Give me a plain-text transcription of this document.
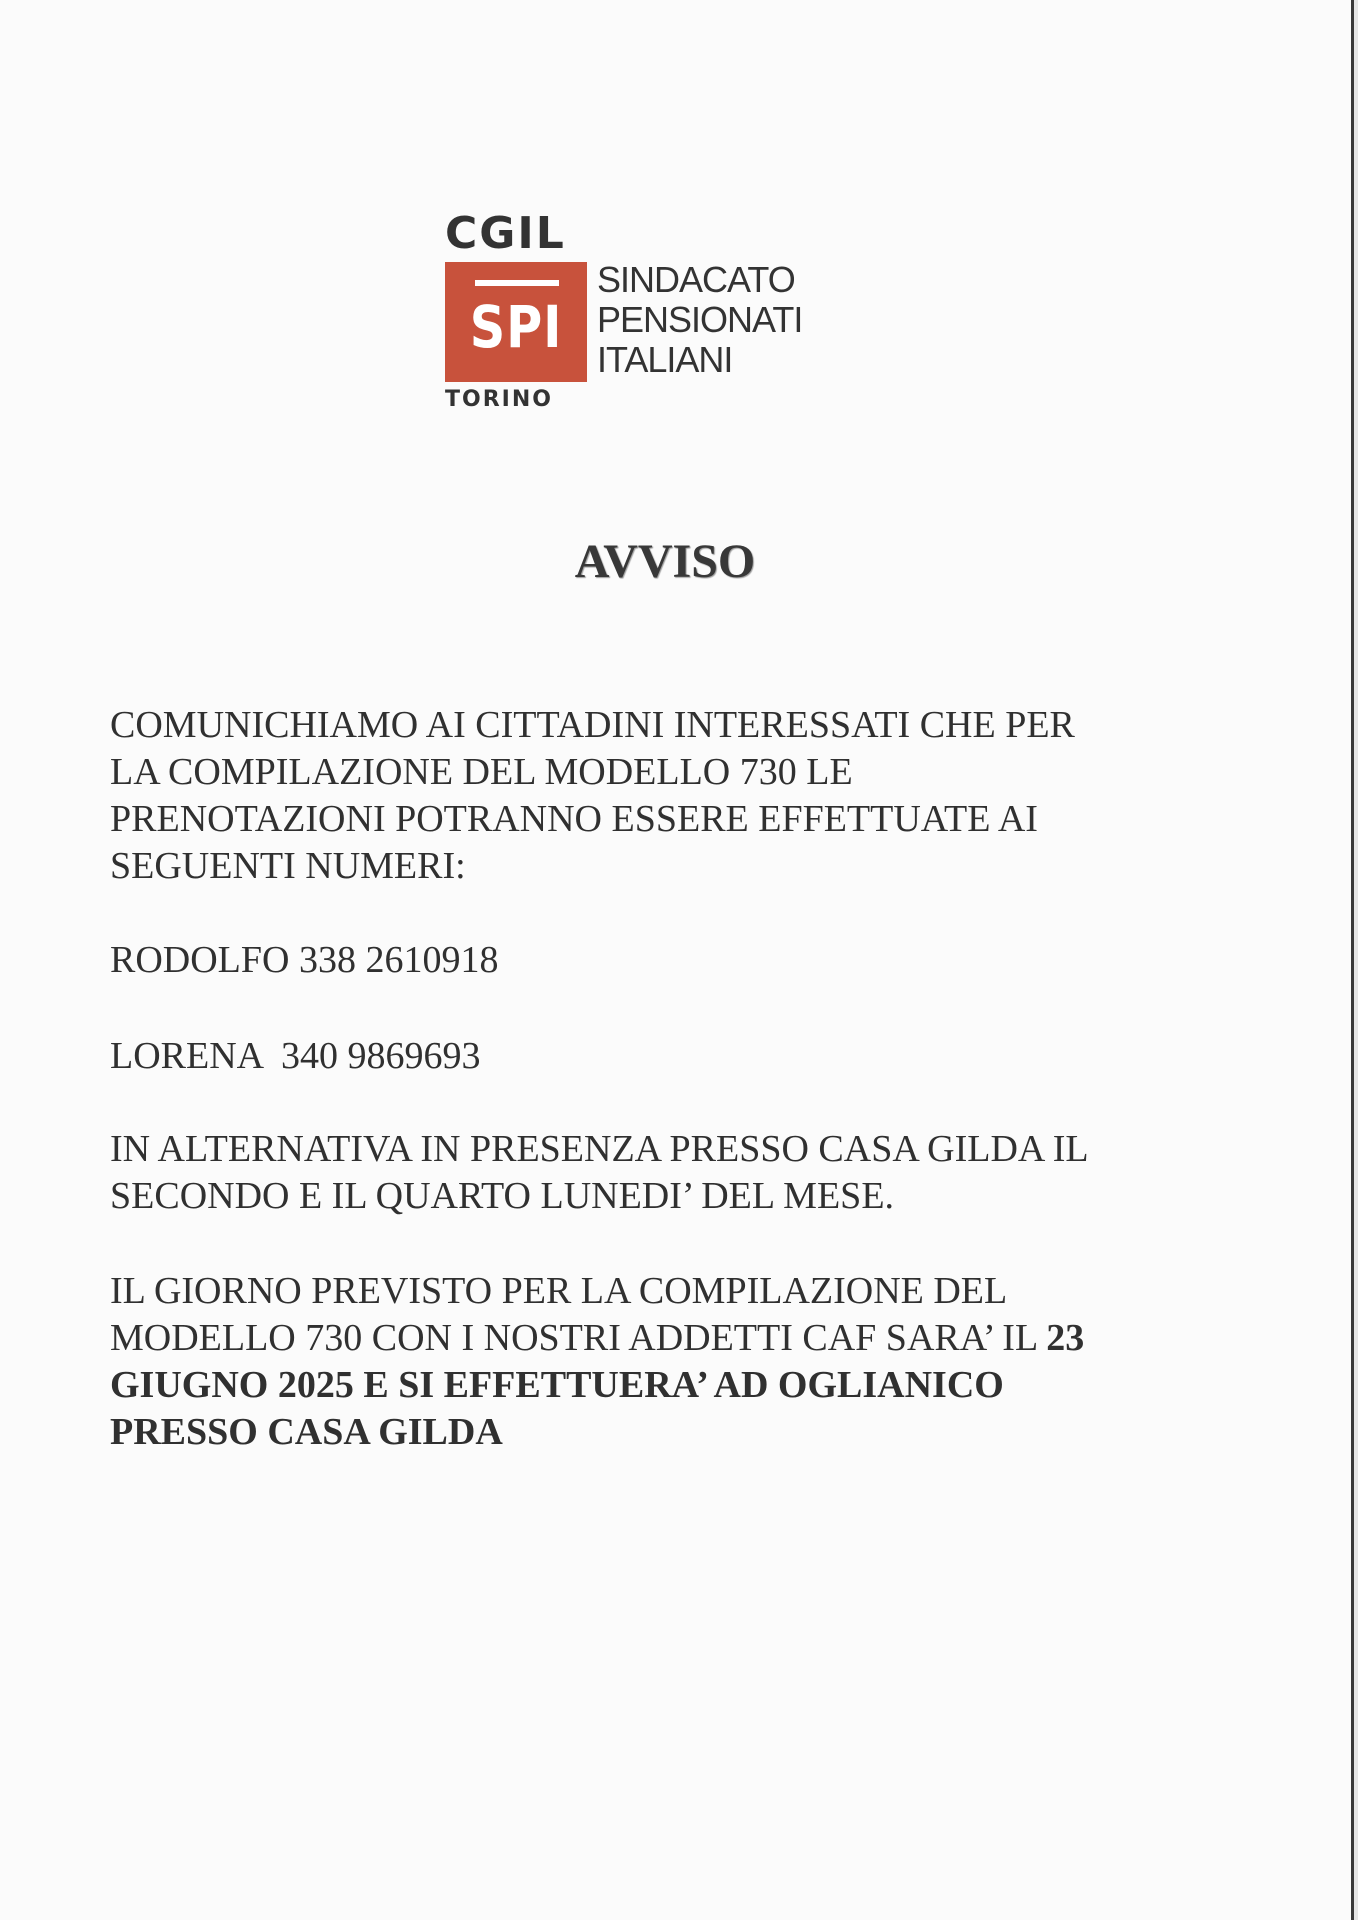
CGIL
SPI
TORINO
SINDACATO
PENSIONATI
ITALIANI
AVVISO

COMUNICHIAMO AI CITTADINI INTERESSATI CHE PER

LA COMPILAZIONE DEL MODELLO 730 LE

PRENOTAZIONI POTRANNO ESSERE EFFETTUATE AI

SEGUENTI NUMERI:

RODOLFO 338 2610918

LORENA  340 9869693

IN ALTERNATIVA IN PRESENZA PRESSO CASA GILDA IL

SECONDO E IL QUARTO LUNEDI’ DEL MESE.

IL GIORNO PREVISTO PER LA COMPILAZIONE DEL

MODELLO 730 CON I NOSTRI ADDETTI CAF SARA’ IL 23

GIUGNO 2025 E SI EFFETTUERA’ AD OGLIANICO

PRESSO CASA GILDA
